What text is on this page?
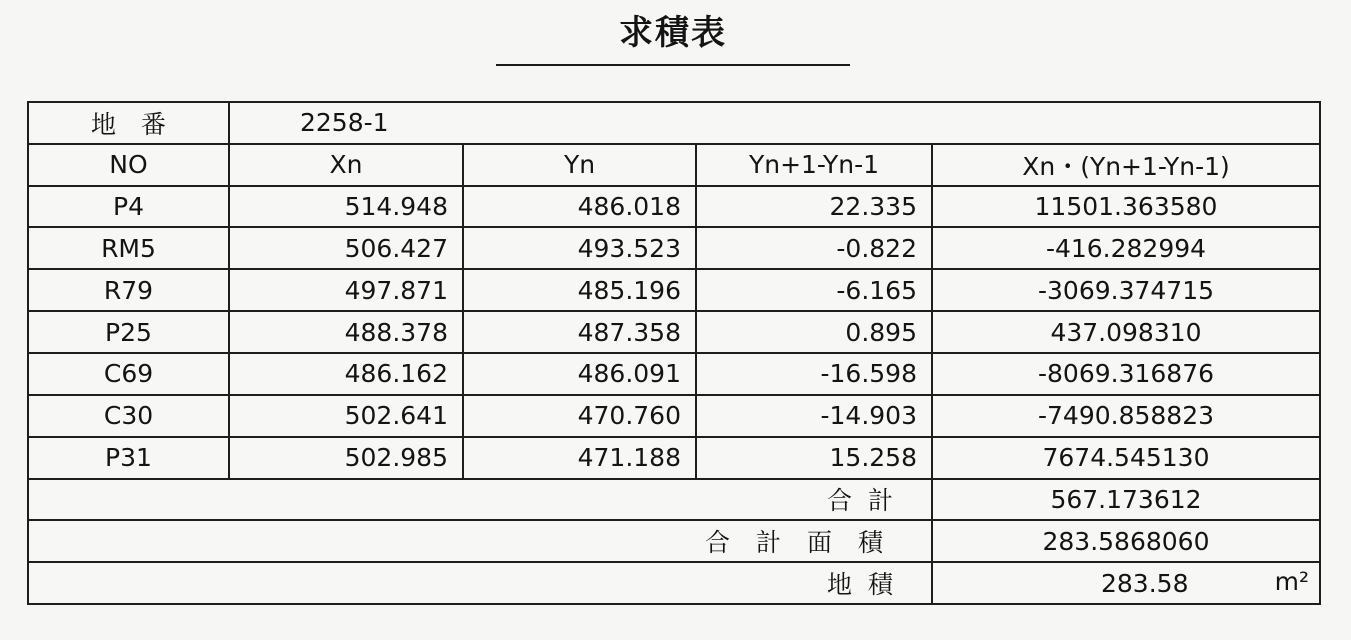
求積表
地　番	2258-1			
NO	Xn	Yn	Yn+1-Yn-1	Xn・(Yn+1-Yn-1)
P4	514.948	486.018	22.335	11501.363580
RM5	506.427	493.523	-0.822	-416.282994
R79	497.871	485.196	-6.165	-3069.374715
P25	488.378	487.358	0.895	437.098310
C69	486.162	486.091	-16.598	-8069.316876
C30	502.641	470.760	-14.903	-7490.858823
P31	502.985	471.188	15.258	7674.545130
合計				567.173612
合計面積				283.5868060
地積				283.58 m²
